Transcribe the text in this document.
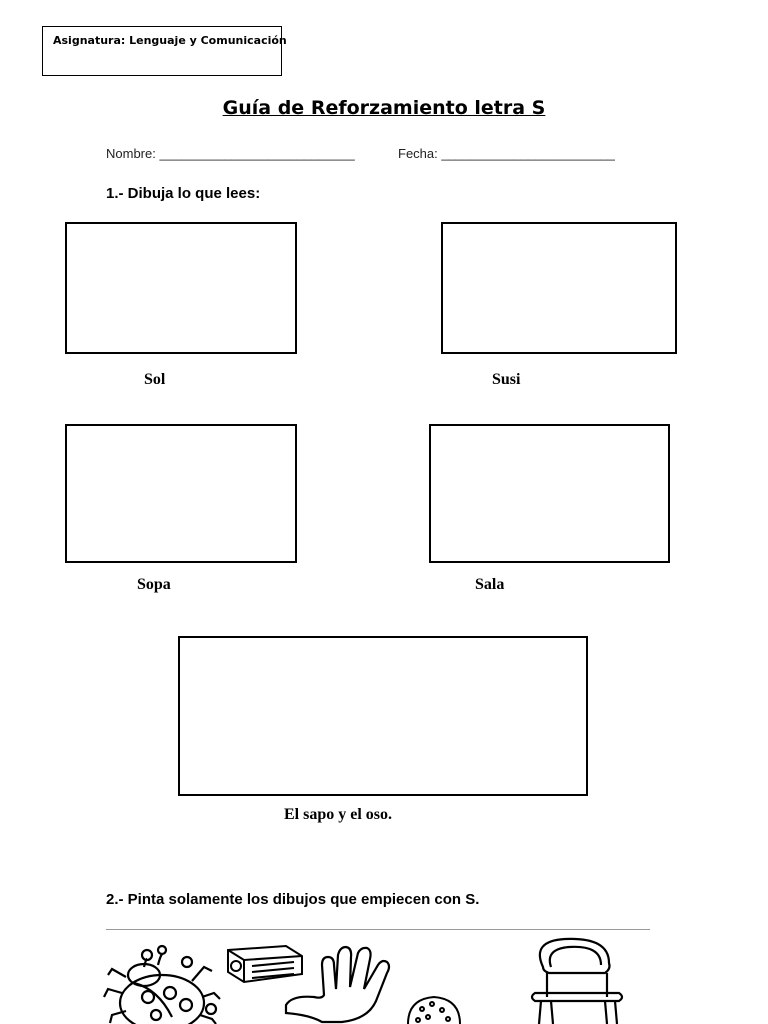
Asignatura: Lenguaje y Comunicación
Guía de Reforzamiento letra S
Nombre: ___________________________	Fecha: ________________________
1.- Dibuja lo que lees:
Sol	Susi
Sopa	Sala
El sapo y el oso.
2.- Pinta solamente los dibujos que empiecen con S.
